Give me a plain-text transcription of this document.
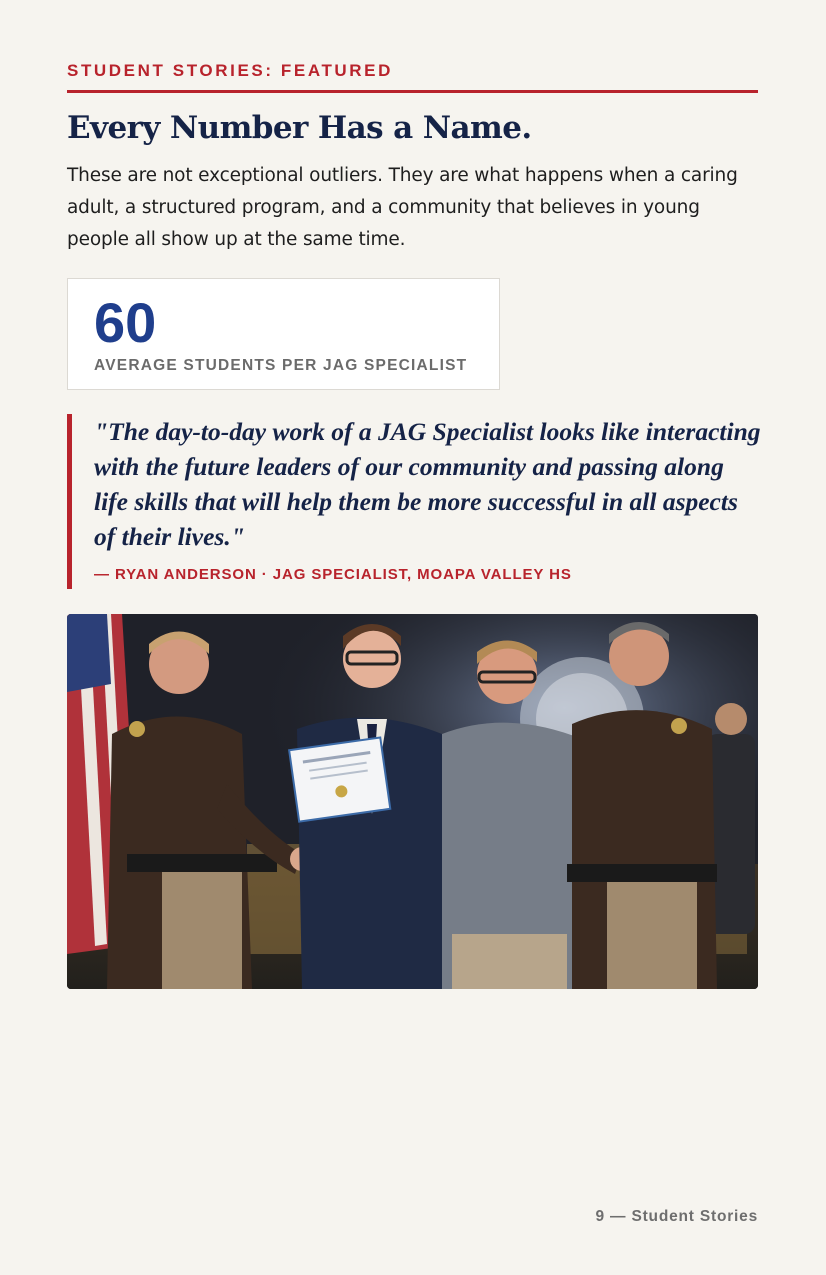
STUDENT STORIES: FEATURED
Every Number Has a Name.

These are not exceptional outliers. They are what happens when a caring adult, a structured program, and a community that believes in young people all show up at the same time.

60
AVERAGE STUDENTS PER JAG SPECIALIST

"The day-to-day work of a JAG Specialist looks like interacting with the future leaders of our community and passing along life skills that will help them be more successful in all aspects of their lives."

— RYAN ANDERSON · JAG SPECIALIST, MOAPA VALLEY HS
9 — Student Stories
